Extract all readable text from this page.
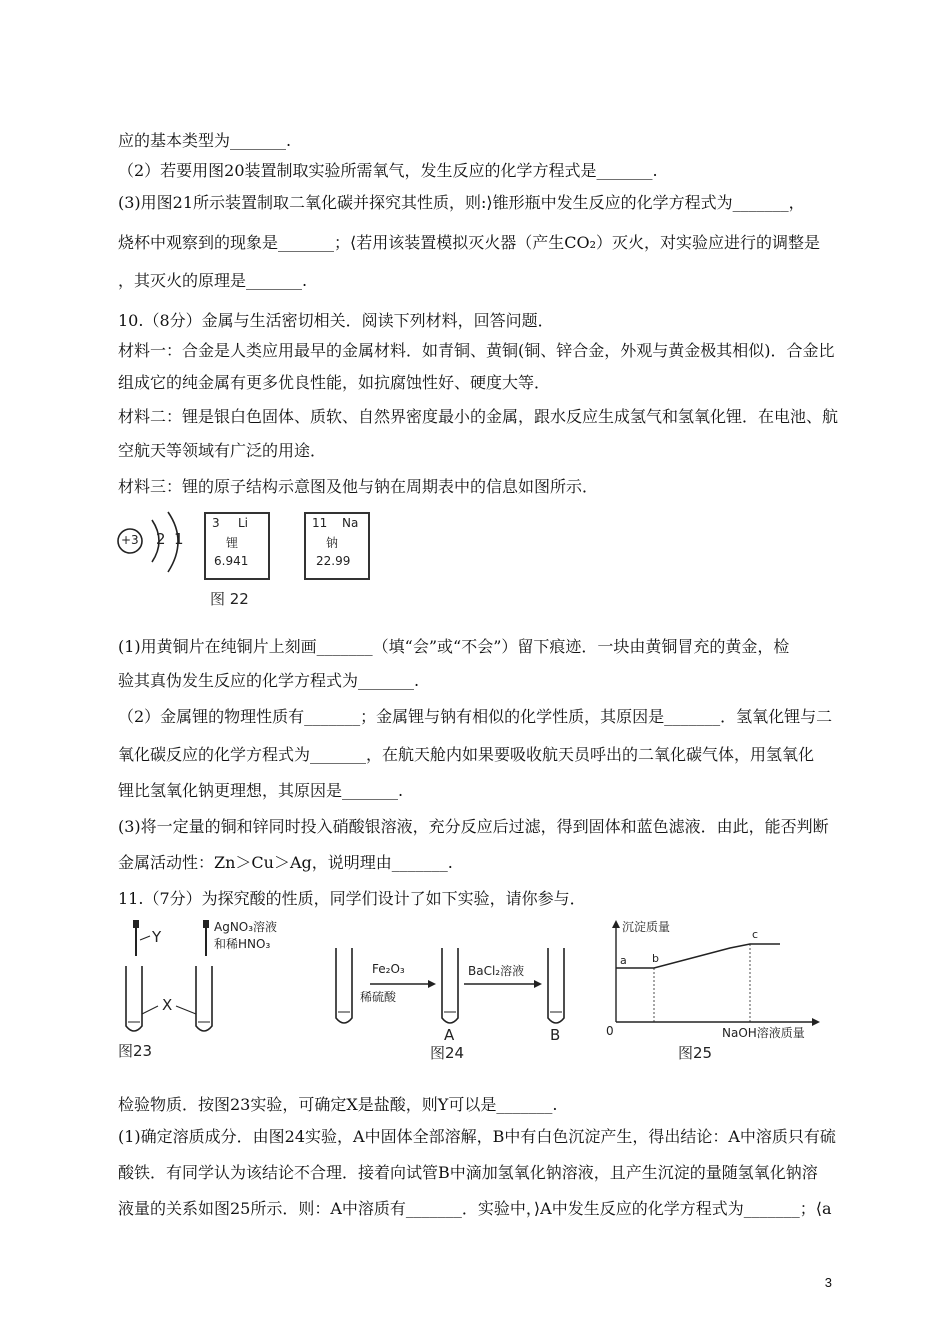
应的基本类型为_______.
（2）若要用图20装置制取实验所需氧气，发生反应的化学方程式是_______.
(3)用图21所示装置制取二氧化碳并探究其性质，则:⟩锥形瓶中发生反应的化学方程式为_______，
烧杯中观察到的现象是_______；⟨若用该装置模拟灭火器（产生CO₂）灭火，对实验应进行的调整是
，其灭火的原理是_______.
10.（8分）金属与生活密切相关．阅读下列材料，回答问题．
材料一：合金是人类应用最早的金属材料．如青铜、黄铜(铜、锌合金，外观与黄金极其相似)．合金比
组成它的纯金属有更多优良性能，如抗腐蚀性好、硬度大等．
材料二：锂是银白色固体、质软、自然界密度最小的金属，跟水反应生成氢气和氢氧化锂．在电池、航
空航天等领域有广泛的用途．
材料三：锂的原子结构示意图及他与钠在周期表中的信息如图所示．
+3 2 1
3 Li
锂
6.941
11 Na
钠
22.99
图 22
(1)用黄铜片在纯铜片上刻画_______（填“会”或“不会”）留下痕迹．一块由黄铜冒充的黄金，检
验其真伪发生反应的化学方程式为_______.
（2）金属锂的物理性质有_______；金属锂与钠有相似的化学性质，其原因是_______．氢氧化锂与二
氧化碳反应的化学方程式为_______，在航天舱内如果要吸收航天员呼出的二氧化碳气体，用氢氧化
锂比氢氧化钠更理想，其原因是_______.
(3)将一定量的铜和锌同时投入硝酸银溶液，充分反应后过滤，得到固体和蓝色滤液．由此，能否判断
金属活动性：Zn＞Cu＞Ag，说明理由_______.
11.（7分）为探究酸的性质，同学们设计了如下实验，请你参与．
Y
AgNO₃溶液
和稀HNO₃
X
图23
Fe₂O₃
稀硫酸
BaCl₂溶液
A	B
图24
沉淀质量
a b
c
0	NaOH溶液质量
图25
检验物质．按图23实验，可确定X是盐酸，则Y可以是_______.
(1)确定溶质成分．由图24实验，A中固体全部溶解，B中有白色沉淀产生，得出结论：A中溶质只有硫
酸铁．有同学认为该结论不合理．接着向试管B中滴加氢氧化钠溶液，且产生沉淀的量随氢氧化钠溶
液量的关系如图25所示．则：A中溶质有_______．实验中，⟩A中发生反应的化学方程式为_______；⟨a
3
